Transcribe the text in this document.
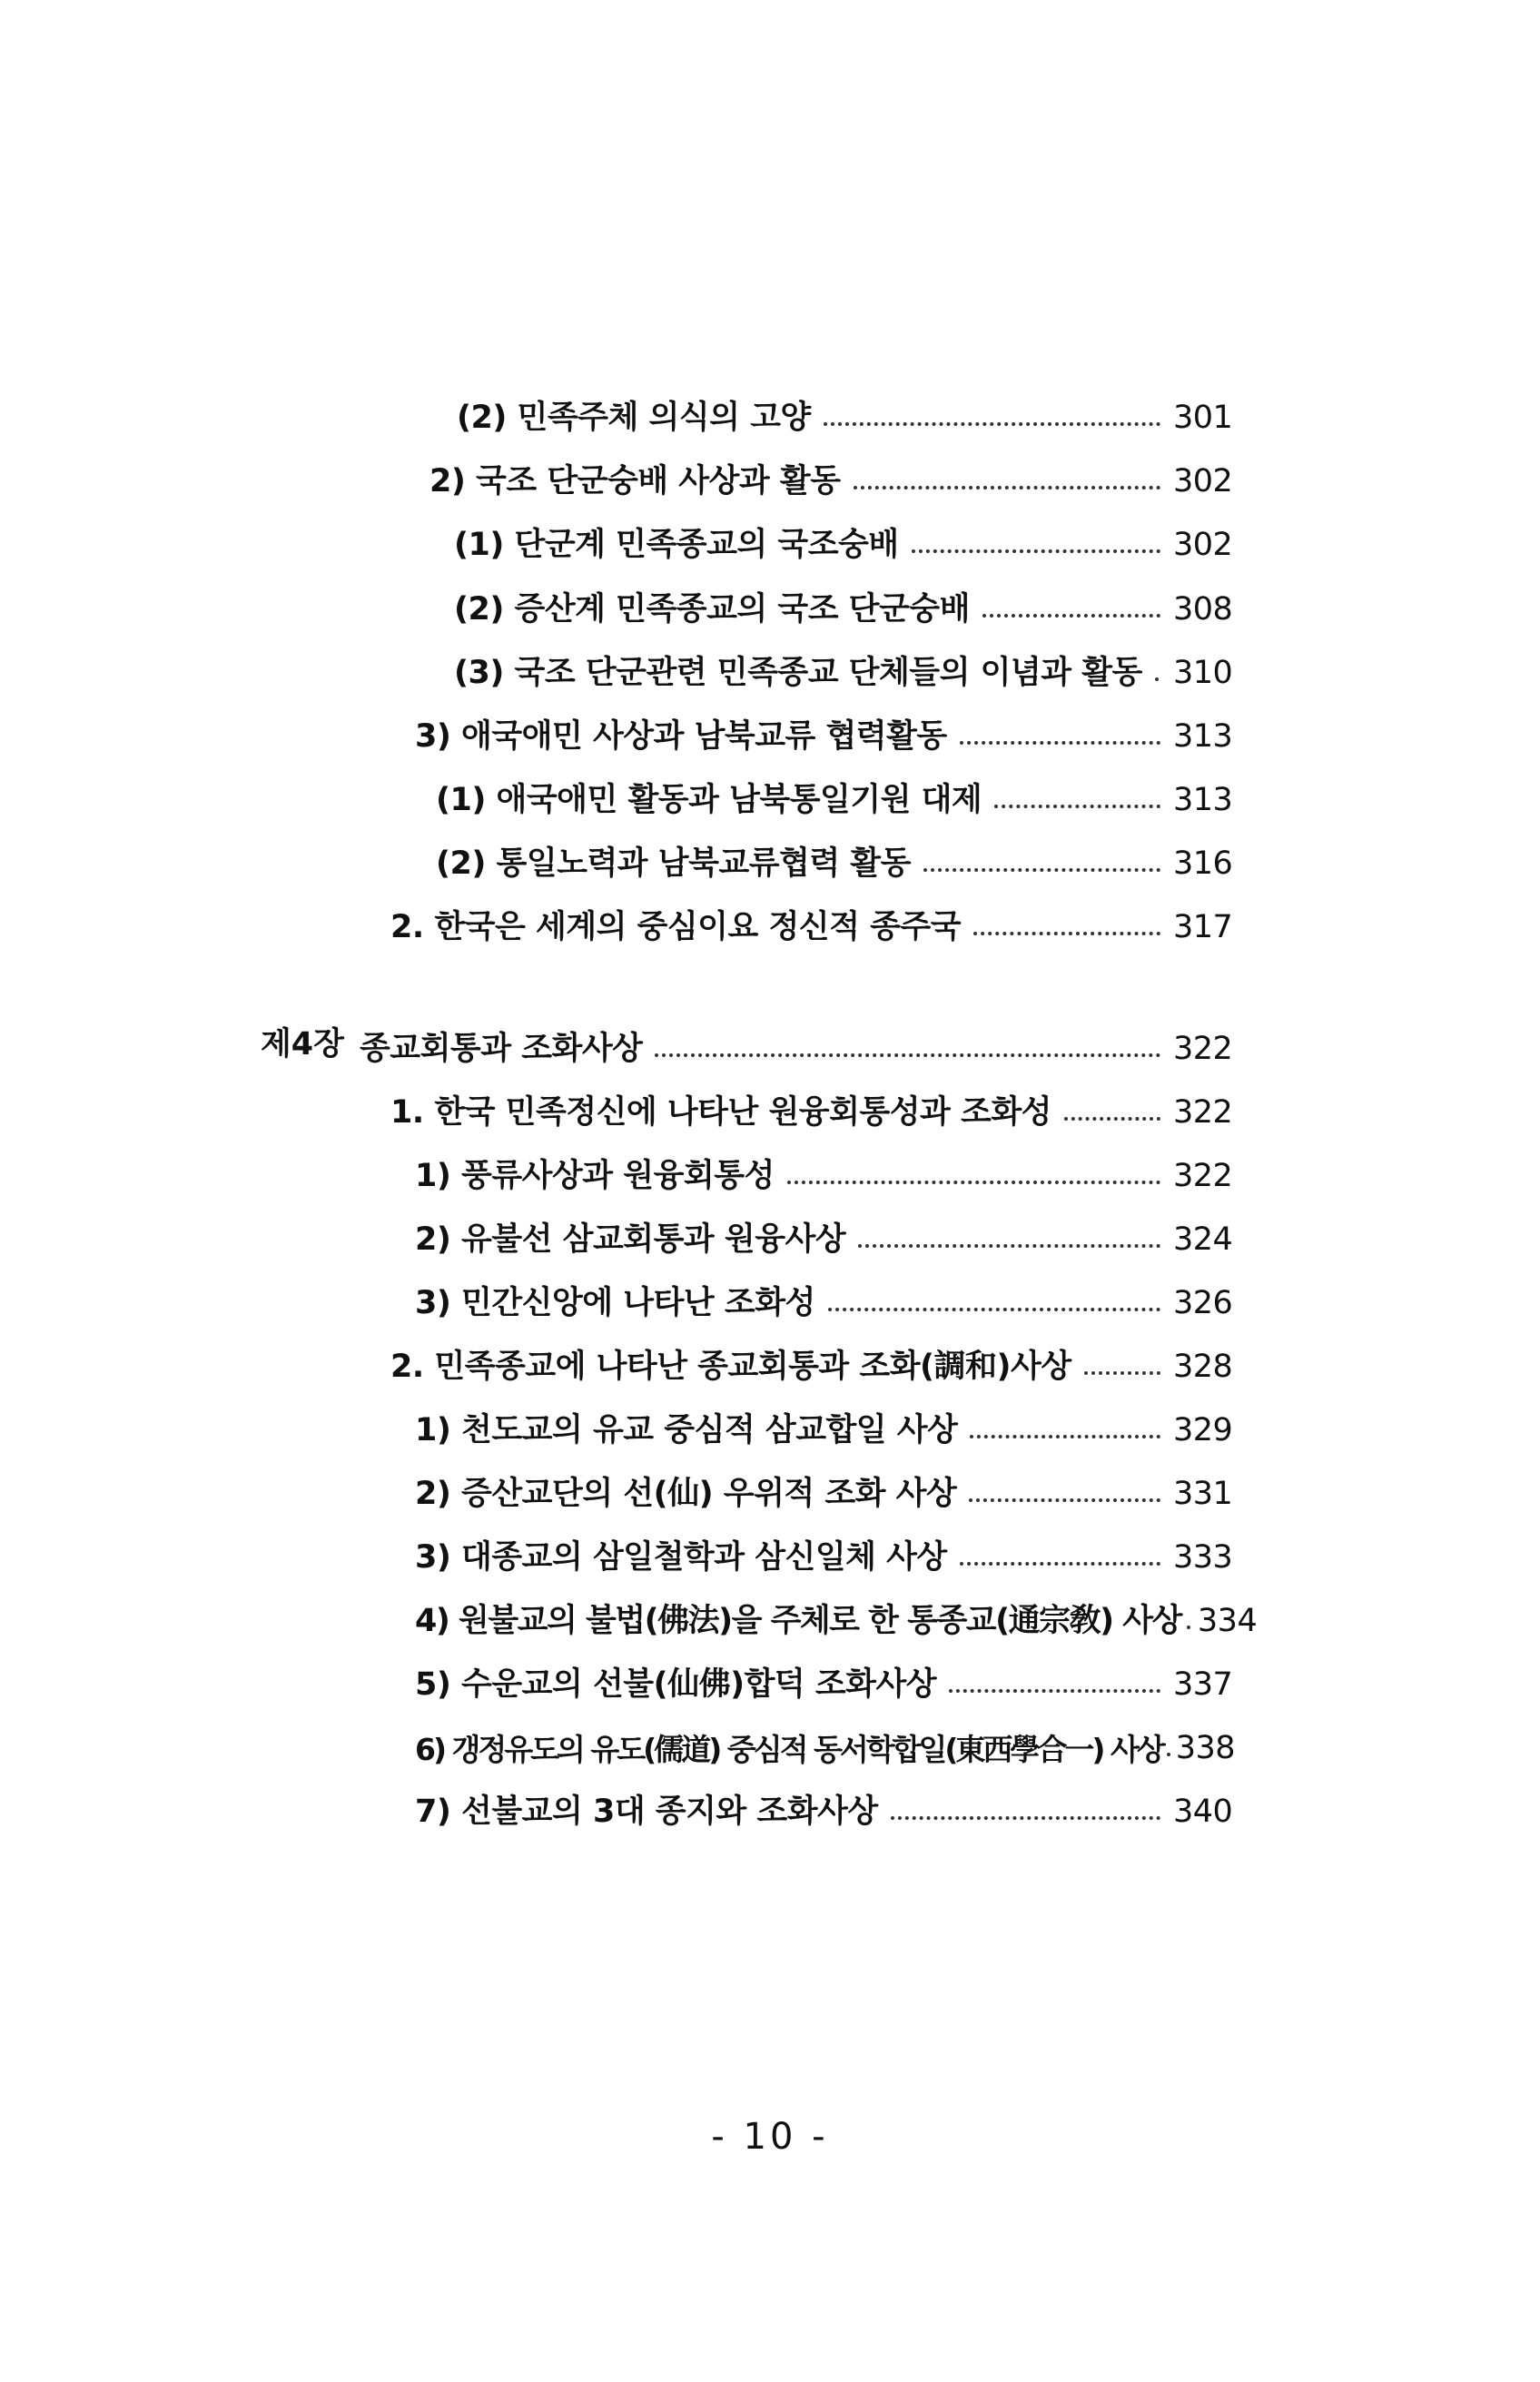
(2) 민족주체 의식의 고양	301
2) 국조 단군숭배 사상과 활동	302
(1) 단군계 민족종교의 국조숭배	302
(2) 증산계 민족종교의 국조 단군숭배	308
(3) 국조 단군관련 민족종교 단체들의 이념과 활동 310
3) 애국애민 사상과 남북교류 협력활동	313
(1) 애국애민 활동과 남북통일기원 대제	313
(2) 통일노력과 남북교류협력 활동	316
2. 한국은 세계의 중심이요 정신적 종주국	317
제4장 종교회통과 조화사상	322
1. 한국 민족정신에 나타난 원융회통성과 조화성	322
1) 풍류사상과 원융회통성	322
2) 유불선 삼교회통과 원융사상	324
3) 민간신앙에 나타난 조화성	326
2. 민족종교에 나타난 종교회통과 조화(調和)사상	328
1) 천도교의 유교 중심적 삼교합일 사상	329
2) 증산교단의 선(仙) 우위적 조화 사상	331
3) 대종교의 삼일철학과 삼신일체 사상	333
4) 원불교의 불법(佛法)을 주체로 한 통종교(通宗敎) 사상 334
5) 수운교의 선불(仙佛)합덕 조화사상	337
6) 갱정유도의 유도(儒道) 중심적 동서학합일(東西學合一) 사상 338
7) 선불교의 3대 종지와 조화사상	340
- 10 -
